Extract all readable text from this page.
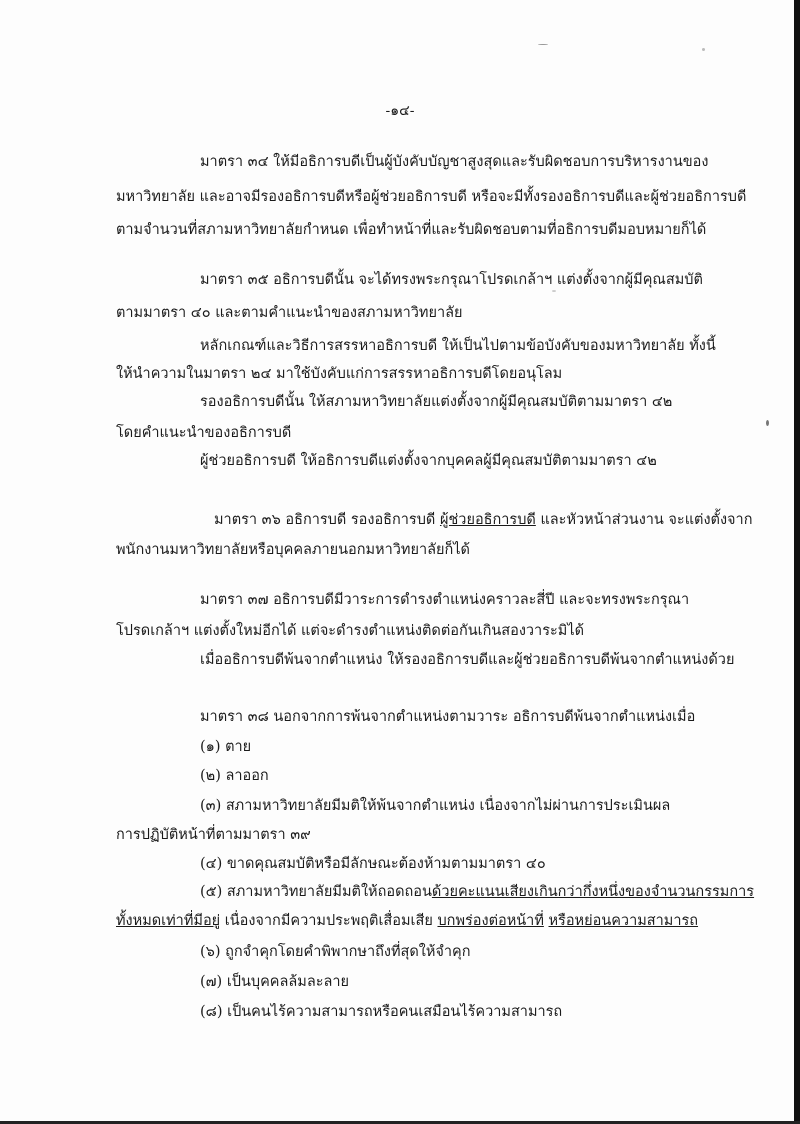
-๑๔-
มาตรา ๓๔ ให้มีอธิการบดีเป็นผู้บังคับบัญชาสูงสุดและรับผิดชอบการบริหารงานของ
มหาวิทยาลัย และอาจมีรองอธิการบดีหรือผู้ช่วยอธิการบดี หรือจะมีทั้งรองอธิการบดีและผู้ช่วยอธิการบดี
ตามจำนวนที่สภามหาวิทยาลัยกำหนด เพื่อทำหน้าที่และรับผิดชอบตามที่อธิการบดีมอบหมายก็ได้
มาตรา ๓๕ อธิการบดีนั้น จะได้ทรงพระกรุณาโปรดเกล้าฯ แต่งตั้งจากผู้มีคุณสมบัติ
ตามมาตรา ๔๐ และตามคำแนะนำของสภามหาวิทยาลัย
หลักเกณฑ์และวิธีการสรรหาอธิการบดี ให้เป็นไปตามข้อบังคับของมหาวิทยาลัย ทั้งนี้
ให้นำความในมาตรา ๒๔ มาใช้บังคับแก่การสรรหาอธิการบดีโดยอนุโลม
รองอธิการบดีนั้น ให้สภามหาวิทยาลัยแต่งตั้งจากผู้มีคุณสมบัติตามมาตรา ๔๒
โดยคำแนะนำของอธิการบดี
ผู้ช่วยอธิการบดี ให้อธิการบดีแต่งตั้งจากบุคคลผู้มีคุณสมบัติตามมาตรา ๔๒
มาตรา ๓๖ อธิการบดี รองอธิการบดี ผู้ช่วยอธิการบดี และหัวหน้าส่วนงาน จะแต่งตั้งจาก
พนักงานมหาวิทยาลัยหรือบุคคลภายนอกมหาวิทยาลัยก็ได้
มาตรา ๓๗ อธิการบดีมีวาระการดำรงตำแหน่งคราวละสี่ปี และจะทรงพระกรุณา
โปรดเกล้าฯ แต่งตั้งใหม่อีกได้ แต่จะดำรงตำแหน่งติดต่อกันเกินสองวาระมิได้
เมื่ออธิการบดีพ้นจากตำแหน่ง ให้รองอธิการบดีและผู้ช่วยอธิการบดีพ้นจากตำแหน่งด้วย
มาตรา ๓๘ นอกจากการพ้นจากตำแหน่งตามวาระ อธิการบดีพ้นจากตำแหน่งเมื่อ
(๑) ตาย
(๒) ลาออก
(๓) สภามหาวิทยาลัยมีมติให้พ้นจากตำแหน่ง เนื่องจากไม่ผ่านการประเมินผล
การปฏิบัติหน้าที่ตามมาตรา ๓๙
(๔) ขาดคุณสมบัติหรือมีลักษณะต้องห้ามตามมาตรา ๔๐
(๕) สภามหาวิทยาลัยมีมติให้ถอดถอนด้วยคะแนนเสียงเกินกว่ากึ่งหนึ่งของจำนวนกรรมการ
ทั้งหมดเท่าที่มีอยู่ เนื่องจากมีความประพฤติเสื่อมเสีย บกพร่องต่อหน้าที่ หรือหย่อนความสามารถ
(๖) ถูกจำคุกโดยคำพิพากษาถึงที่สุดให้จำคุก
(๗) เป็นบุคคลล้มละลาย
(๘) เป็นคนไร้ความสามารถหรือคนเสมือนไร้ความสามารถ
